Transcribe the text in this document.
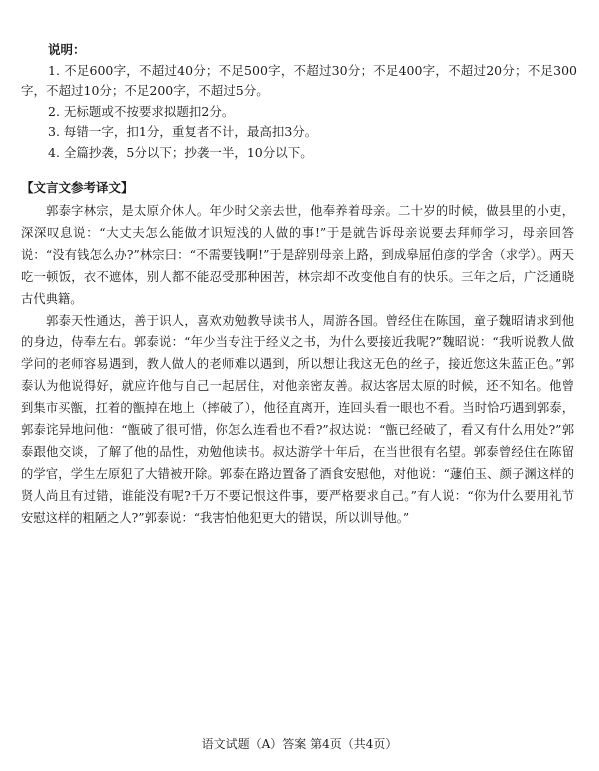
说明：
1. 不足600字，不超过40分；不足500字，不超过30分；不足400字，不超过20分；不足300字，不超过10分；不足200字，不超过5分。
2. 无标题或不按要求拟题扣2分。
3. 每错一字，扣1分，重复者不计，最高扣3分。
4. 全篇抄袭，5分以下；抄袭一半，10分以下。
【文言文参考译文】

郭泰字林宗，是太原介休人。年少时父亲去世，他奉养着母亲。二十岁的时候，做县里的小吏，深深叹息说：“大丈夫怎么能做才识短浅的人做的事!”于是就告诉母亲说要去拜师学习，母亲回答说：“没有钱怎么办?”林宗曰：“不需要钱啊!”于是辞别母亲上路，到成皋屈伯彦的学舍（求学）。两天吃一顿饭，衣不遮体，别人都不能忍受那种困苦，林宗却不改变他自有的快乐。三年之后，广泛通晓古代典籍。

郭泰天性通达，善于识人，喜欢劝勉教导读书人，周游各国。曾经住在陈国，童子魏昭请求到他的身边，侍奉左右。郭泰说：“年少当专注于经义之书，为什么要接近我呢?”魏昭说：“我听说教人做学问的老师容易遇到，教人做人的老师难以遇到，所以想让我这无色的丝子，接近您这朱蓝正色。”郭泰认为他说得好，就应许他与自己一起居住，对他亲密友善。叔达客居太原的时候，还不知名。他曾到集市买甑，扛着的甑掉在地上（摔破了），他径直离开，连回头看一眼也不看。当时恰巧遇到郭泰，郭泰诧异地问他：“甑破了很可惜，你怎么连看也不看?”叔达说：“甑已经破了，看又有什么用处?”郭泰跟他交谈，了解了他的品性，劝勉他读书。叔达游学十年后，在当世很有名望。郭泰曾经住在陈留的学官，学生左原犯了大错被开除。郭泰在路边置备了酒食安慰他，对他说：“蘧伯玉、颜子渊这样的贤人尚且有过错，谁能没有呢?千万不要记恨这件事，要严格要求自己。”有人说：“你为什么要用礼节安慰这样的粗陋之人?”郭泰说：“我害怕他犯更大的错误，所以训导他。”

语文试题（A）答案 第4页（共4页）
